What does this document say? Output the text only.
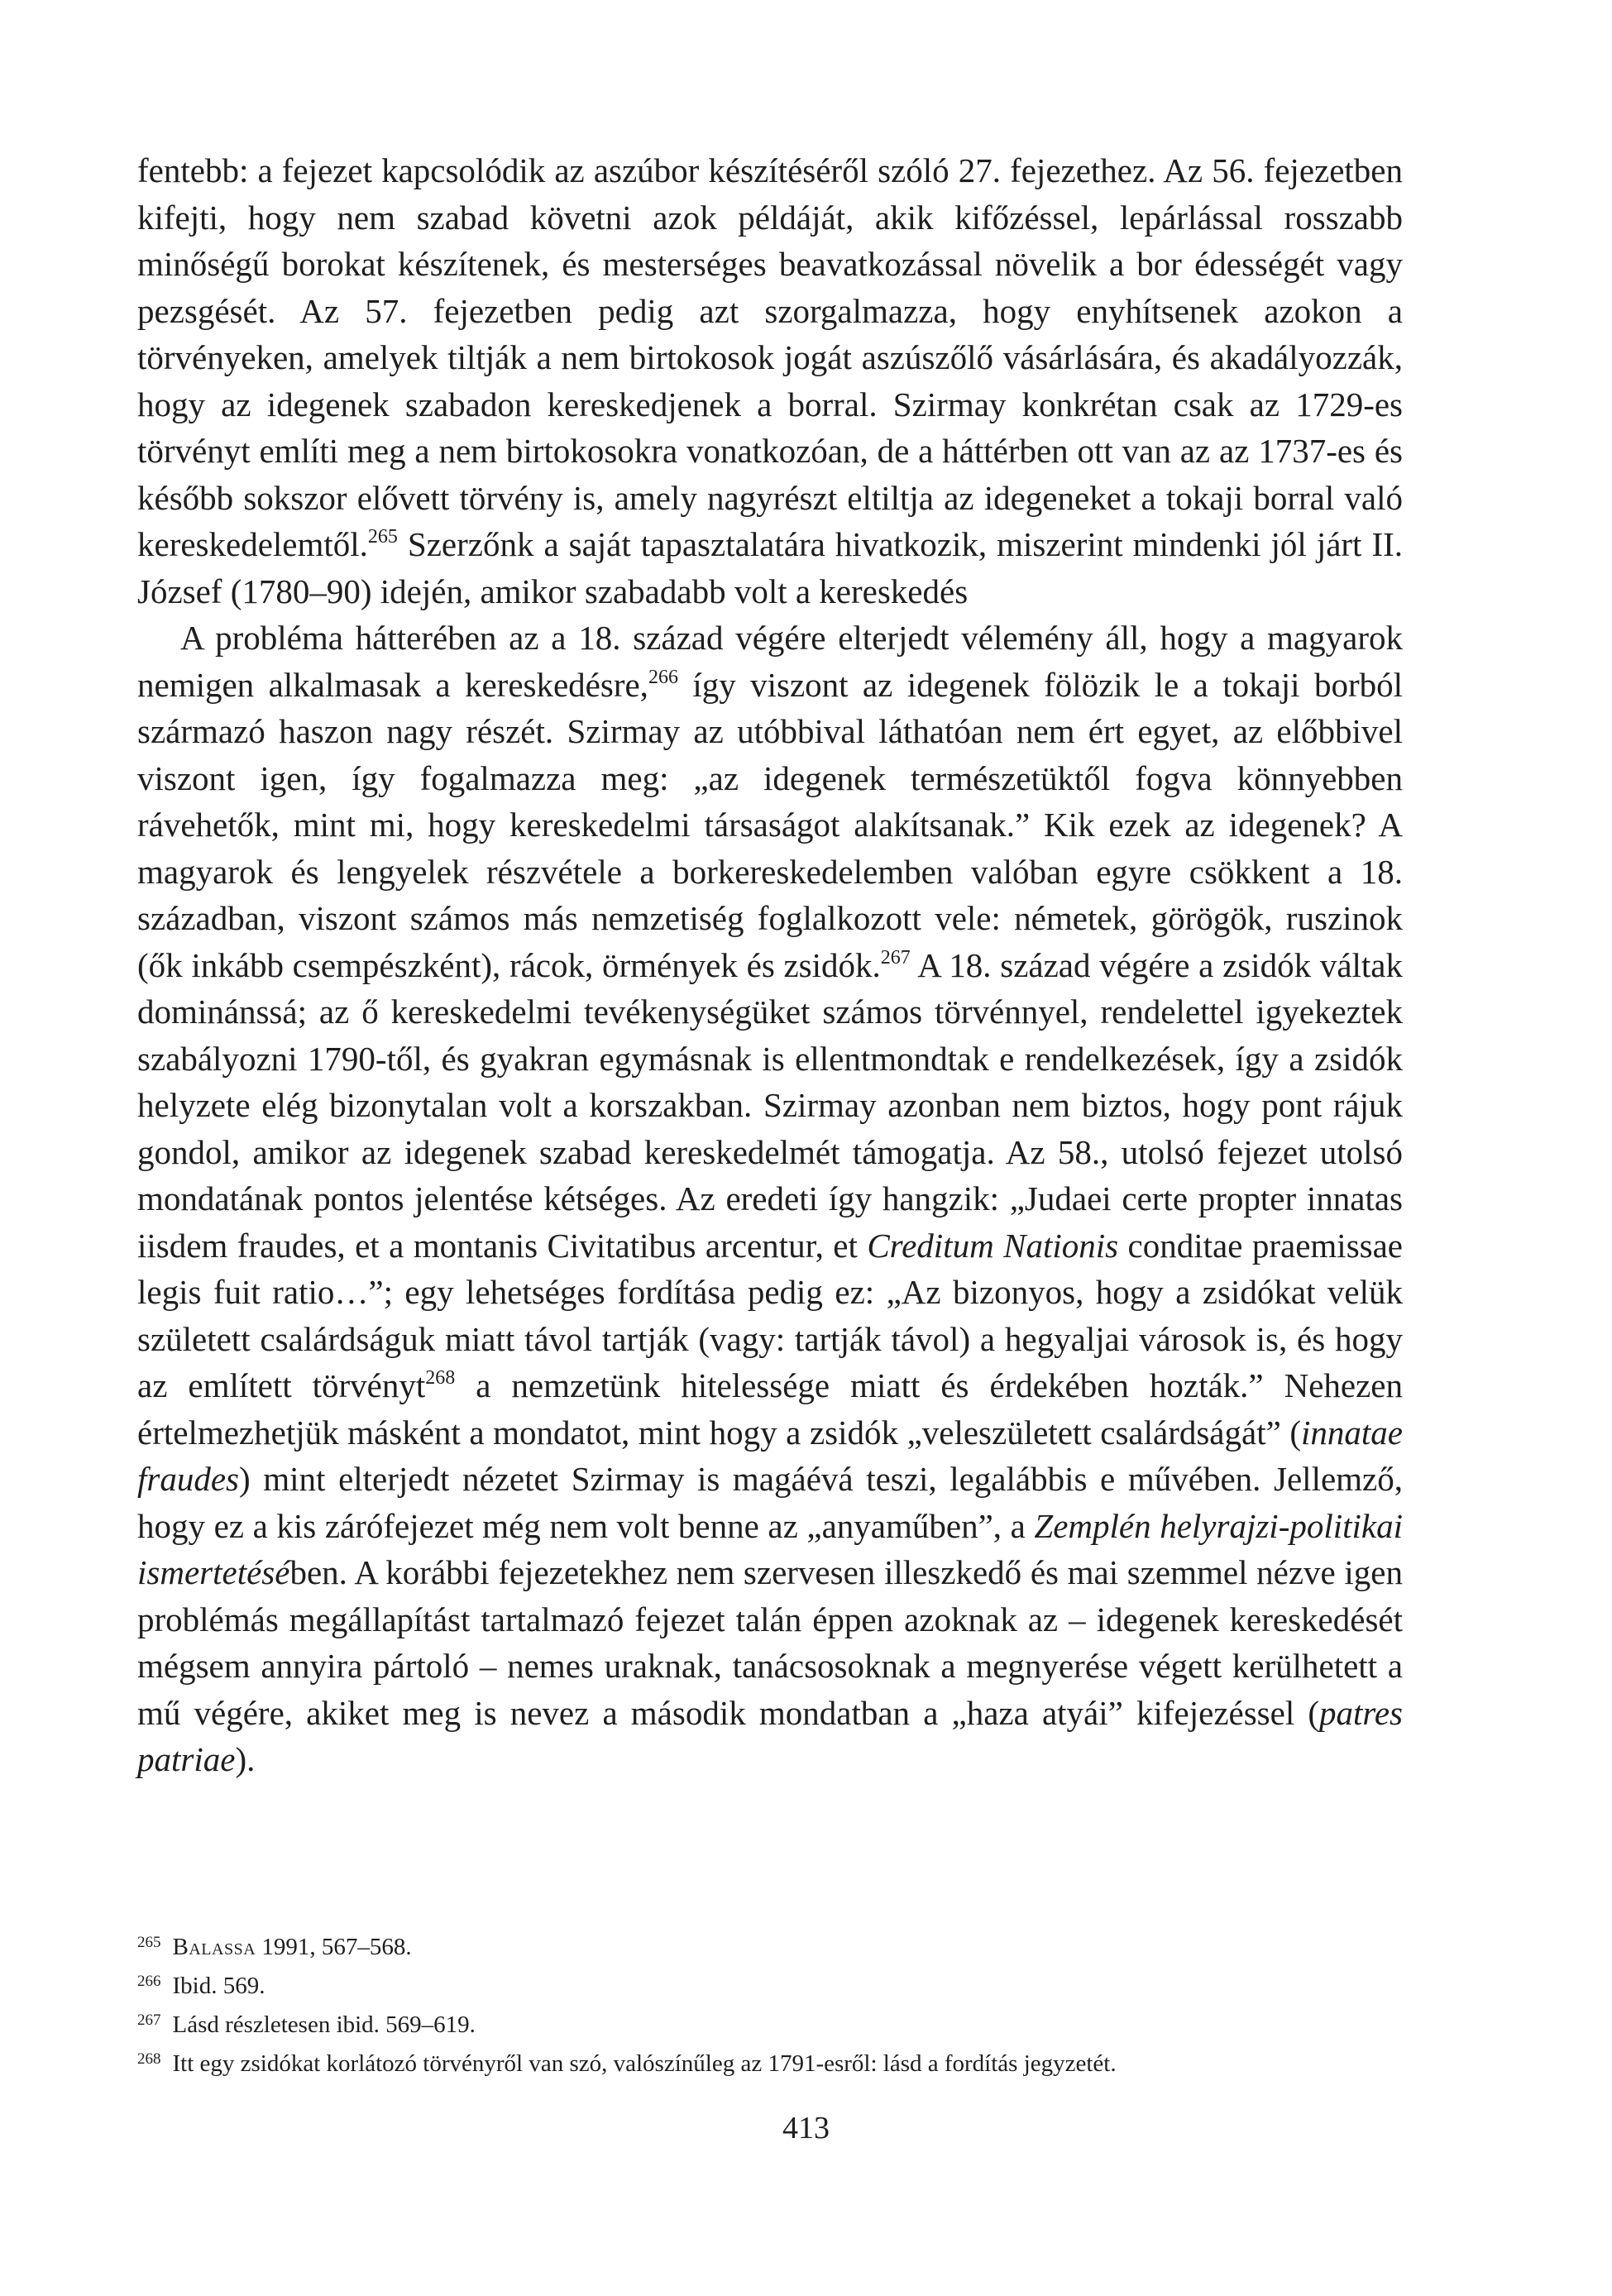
fentebb: a fejezet kapcsolódik az aszúbor készítéséről szóló 27. fejezethez. Az 56. fejezetben kifejti, hogy nem szabad követni azok példáját, akik kifőzéssel, lepárlással rosszabb minőségű borokat készítenek, és mesterséges beavatkozással növelik a bor édességét vagy pezsgését. Az 57. fejezetben pedig azt szorgalmazza, hogy enyhítsenek azokon a törvényeken, amelyek tiltják a nem birtokosok jogát aszúszőlő vásárlására, és akadályozzák, hogy az idegenek szabadon kereskedjenek a borral. Szirmay konkrétan csak az 1729-es törvényt említi meg a nem birtokosokra vonatkozóan, de a háttérben ott van az az 1737-es és később sokszor elővett törvény is, amely nagyrészt eltiltja az idegeneket a tokaji borral való kereskedelemtől.$^{265}$ Szerzőnk a saját tapasztalatára hivatkozik, miszerint mindenki jól járt II. József (1780–90) idején, amikor szabadabb volt a kereskedés

A probléma hátterében az a 18. század végére elterjedt vélemény áll, hogy a magyarok nemigen alkalmasak a kereskedésre,$^{266}$ így viszont az idegenek fölözik le a tokaji borból származó haszon nagy részét. Szirmay az utóbbival láthatóan nem ért egyet, az előbbivel viszont igen, így fogalmazza meg: „az idegenek természetüktől fogva könnyebben rávehetők, mint mi, hogy kereskedelmi társaságot alakítsanak.” Kik ezek az idegenek? A magyarok és lengyelek részvétele a borkereskedelemben valóban egyre csökkent a 18. században, viszont számos más nemzetiség foglalkozott vele: németek, görögök, ruszinok (ők inkább csempészként), rácok, örmények és zsidók.$^{267}$ A 18. század végére a zsidók váltak dominánssá; az ő kereskedelmi tevékenységüket számos törvénnyel, rendelettel igyekeztek szabályozni 1790-től, és gyakran egymásnak is ellentmondtak e rendelkezések, így a zsidók helyzete elég bizonytalan volt a korszakban. Szirmay azonban nem biztos, hogy pont rájuk gondol, amikor az idegenek szabad kereskedelmét támogatja. Az 58., utolsó fejezet utolsó mondatának pontos jelentése kétséges. Az eredeti így hangzik: „Judaei certe propter innatas iisdem fraudes, et a montanis Civitatibus arcentur, et Creditum Nationis conditae praemissae legis fuit ratio…”; egy lehetséges fordítása pedig ez: „Az bizonyos, hogy a zsidókat velük született csalárdságuk miatt távol tartják (vagy: tartják távol) a hegyaljai városok is, és hogy az említett törvényt$^{268}$ a nemzetünk hitelessége miatt és érdekében hozták.” Nehezen értelmezhetjük másként a mondatot, mint hogy a zsidók „veleszületett csalárdságát” (innatae fraudes) mint elterjedt nézetet Szirmay is magáévá teszi, legalábbis e művében. Jellemző, hogy ez a kis zárófejezet még nem volt benne az „anyaműben”, a Zemplén helyrajzi-politikai ismertetésében. A korábbi fejezetekhez nem szervesen illeszkedő és mai szemmel nézve igen problémás megállapítást tartalmazó fejezet talán éppen azoknak az – idegenek kereskedését mégsem annyira pártoló – nemes uraknak, tanácsosoknak a megnyerése végett kerülhetett a mű végére, akiket meg is nevez a második mondatban a „haza atyái” kifejezéssel (patres patriae).

$^{265}$ Balassa 1991, 567–568.

$^{266}$ Ibid. 569.

$^{267}$ Lásd részletesen ibid. 569–619.

$^{268}$ Itt egy zsidókat korlátozó törvényről van szó, valószínűleg az 1791-esről: lásd a fordítás jegyzetét.

413
